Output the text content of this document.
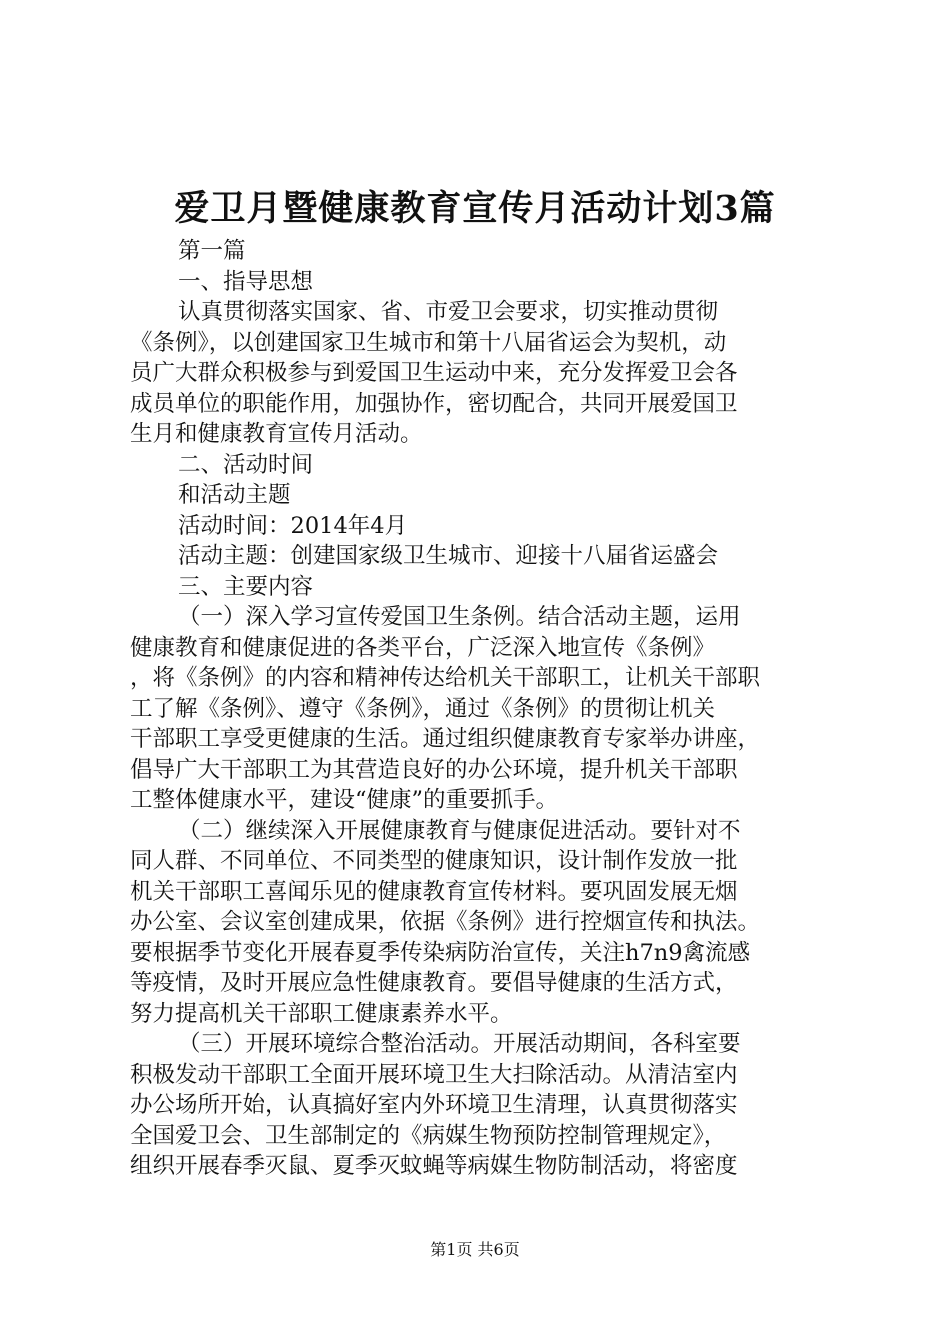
爱卫月暨健康教育宣传月活动计划3篇
第一篇
一、指导思想
认真贯彻落实国家、省、市爱卫会要求，切实推动贯彻
《条例》，以创建国家卫生城市和第十八届省运会为契机，动
员广大群众积极参与到爱国卫生运动中来，充分发挥爱卫会各
成员单位的职能作用，加强协作，密切配合，共同开展爱国卫
生月和健康教育宣传月活动。
二、活动时间
和活动主题
活动时间：2014年4月
活动主题：创建国家级卫生城市、迎接十八届省运盛会
三、主要内容
（一）深入学习宣传爱国卫生条例。结合活动主题，运用
健康教育和健康促进的各类平台，广泛深入地宣传《条例》
，将《条例》的内容和精神传达给机关干部职工，让机关干部职
工了解《条例》、遵守《条例》，通过《条例》的贯彻让机关
干部职工享受更健康的生活。通过组织健康教育专家举办讲座，
倡导广大干部职工为其营造良好的办公环境，提升机关干部职
工整体健康水平，建设“健康”的重要抓手。
（二）继续深入开展健康教育与健康促进活动。要针对不
同人群、不同单位、不同类型的健康知识，设计制作发放一批
机关干部职工喜闻乐见的健康教育宣传材料。要巩固发展无烟
办公室、会议室创建成果，依据《条例》进行控烟宣传和执法。
要根据季节变化开展春夏季传染病防治宣传，关注h7n9禽流感
等疫情，及时开展应急性健康教育。要倡导健康的生活方式，
努力提高机关干部职工健康素养水平。
（三）开展环境综合整治活动。开展活动期间，各科室要
积极发动干部职工全面开展环境卫生大扫除活动。从清洁室内
办公场所开始，认真搞好室内外环境卫生清理，认真贯彻落实
全国爱卫会、卫生部制定的《病媒生物预防控制管理规定》，
组织开展春季灭鼠、夏季灭蚊蝇等病媒生物防制活动，将密度
第1页 共6页
